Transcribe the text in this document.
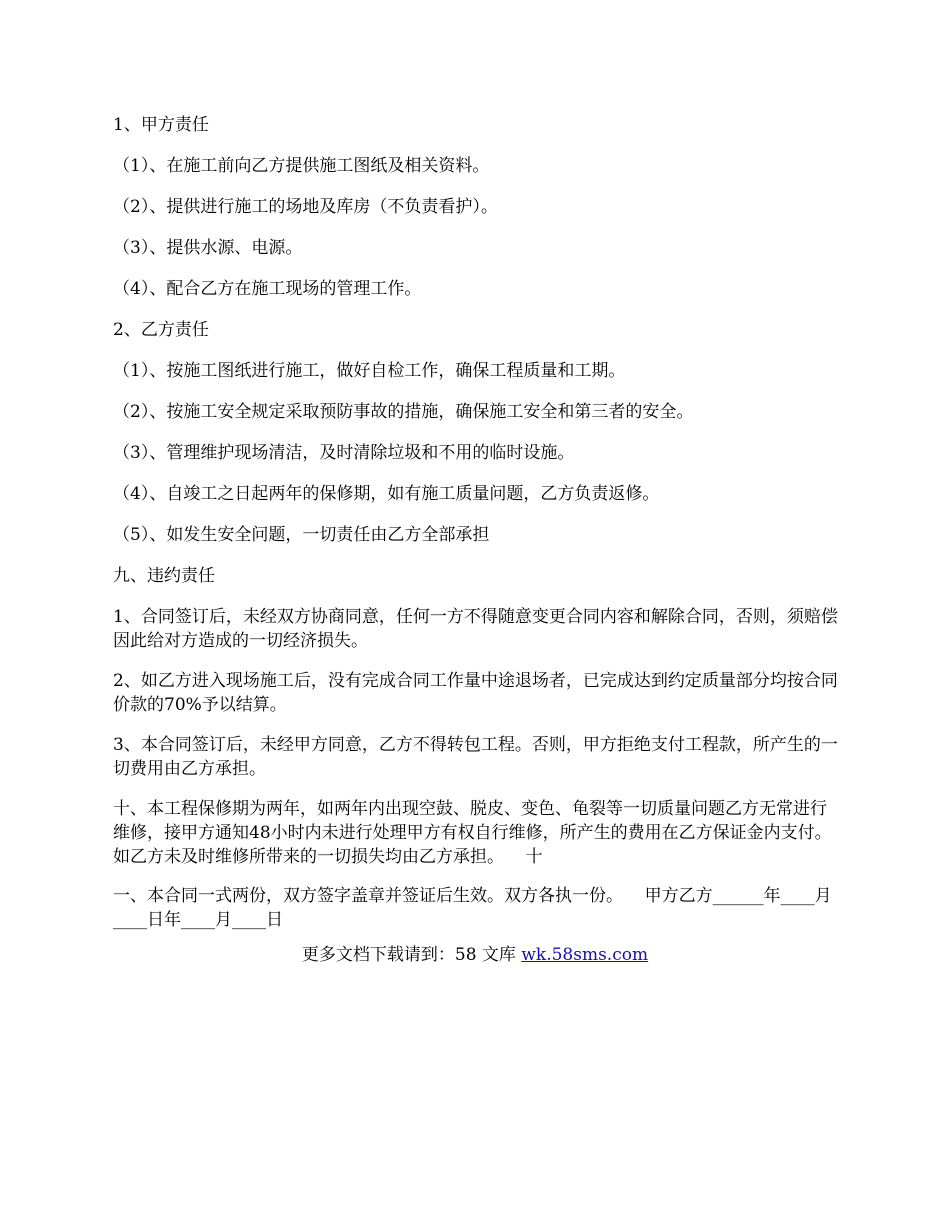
1、甲方责任

（1）、在施工前向乙方提供施工图纸及相关资料。

（2）、提供进行施工的场地及库房（不负责看护）。

（3）、提供水源、电源。

（4）、配合乙方在施工现场的管理工作。

2、乙方责任

（1）、按施工图纸进行施工，做好自检工作，确保工程质量和工期。

（2）、按施工安全规定采取预防事故的措施，确保施工安全和第三者的安全。

（3）、管理维护现场清洁，及时清除垃圾和不用的临时设施。

（4）、自竣工之日起两年的保修期，如有施工质量问题，乙方负责返修。

（5）、如发生安全问题，一切责任由乙方全部承担

九、违约责任

1、合同签订后，未经双方协商同意，任何一方不得随意变更合同内容和解除合同，否则，须赔偿因此给对方造成的一切经济损失。

2、如乙方进入现场施工后，没有完成合同工作量中途退场者，已完成达到约定质量部分均按合同价款的70%予以结算。

3、本合同签订后，未经甲方同意，乙方不得转包工程。否则，甲方拒绝支付工程款，所产生的一切费用由乙方承担。

十、本工程保修期为两年，如两年内出现空鼓、脱皮、变色、龟裂等一切质量问题乙方无常进行维修，接甲方通知48小时内未进行处理甲方有权自行维修，所产生的费用在乙方保证金内支付。如乙方未及时维修所带来的一切损失均由乙方承担。    十

一、本合同一式两份，双方签字盖章并签证后生效。双方各执一份。    甲方乙方______年____月____日年____月____日

更多文档下载请到：58 文库 wk.58sms.com
